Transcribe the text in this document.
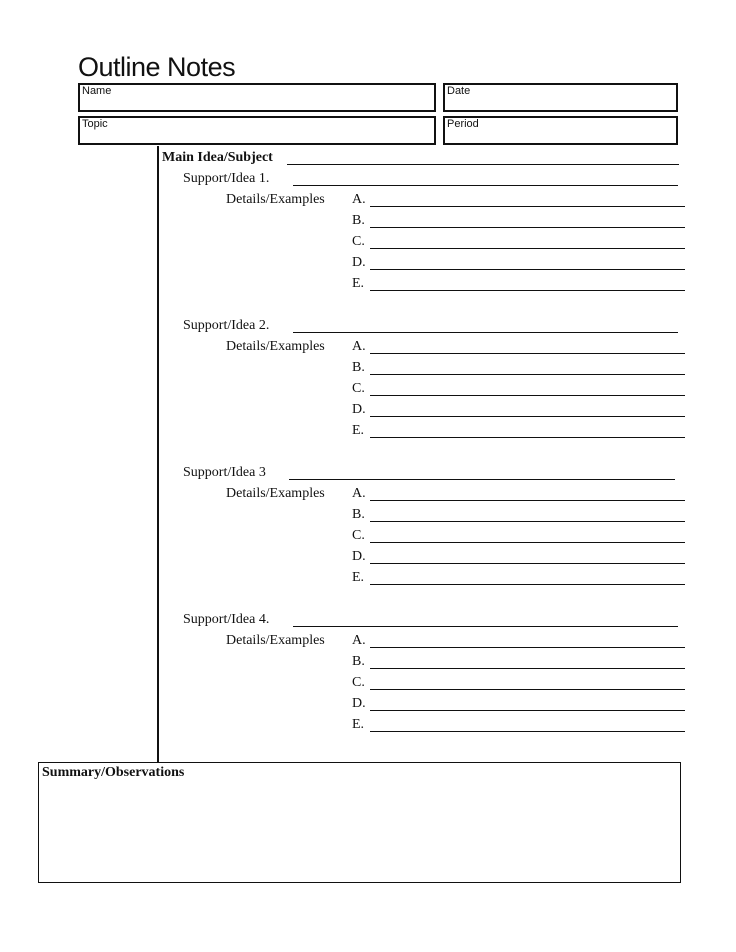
Outline Notes
Name	Date
Topic	Period
Main Idea/Subject
Support/Idea 1.
Details/Examples A.
B.
C.
D.
E.
Support/Idea 2.
Details/Examples A.
B.
C.
D.
E.
Support/Idea 3
Details/Examples A.
B.
C.
D.
E.
Support/Idea 4.
Details/Examples A.
B.
C.
D.
E.
Summary/Observations
